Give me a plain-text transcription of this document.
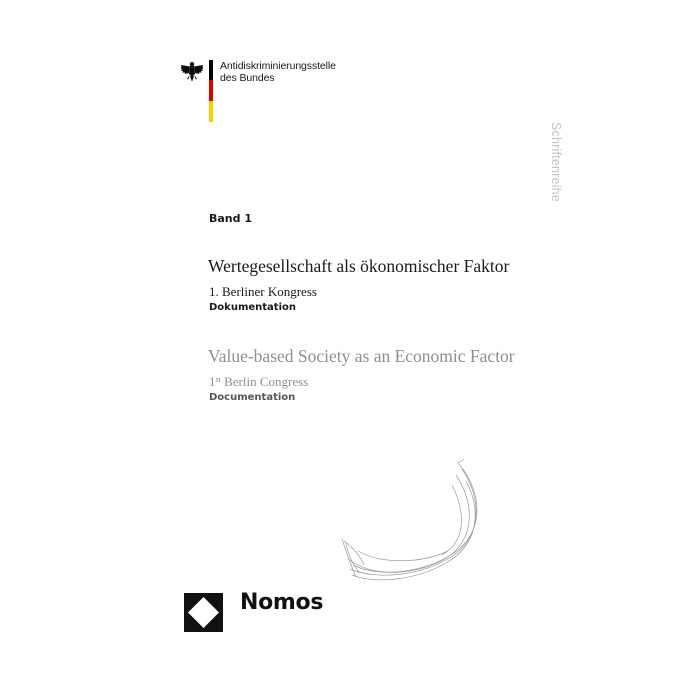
Antidiskriminierungsstelle
des Bundes
Schriftenreihe
Band 1
Wertegesellschaft als ökonomischer Faktor
1. Berliner Kongress
Dokumentation
Value-based Society as an Economic Factor
1st Berlin Congress
Documentation
Nomos
